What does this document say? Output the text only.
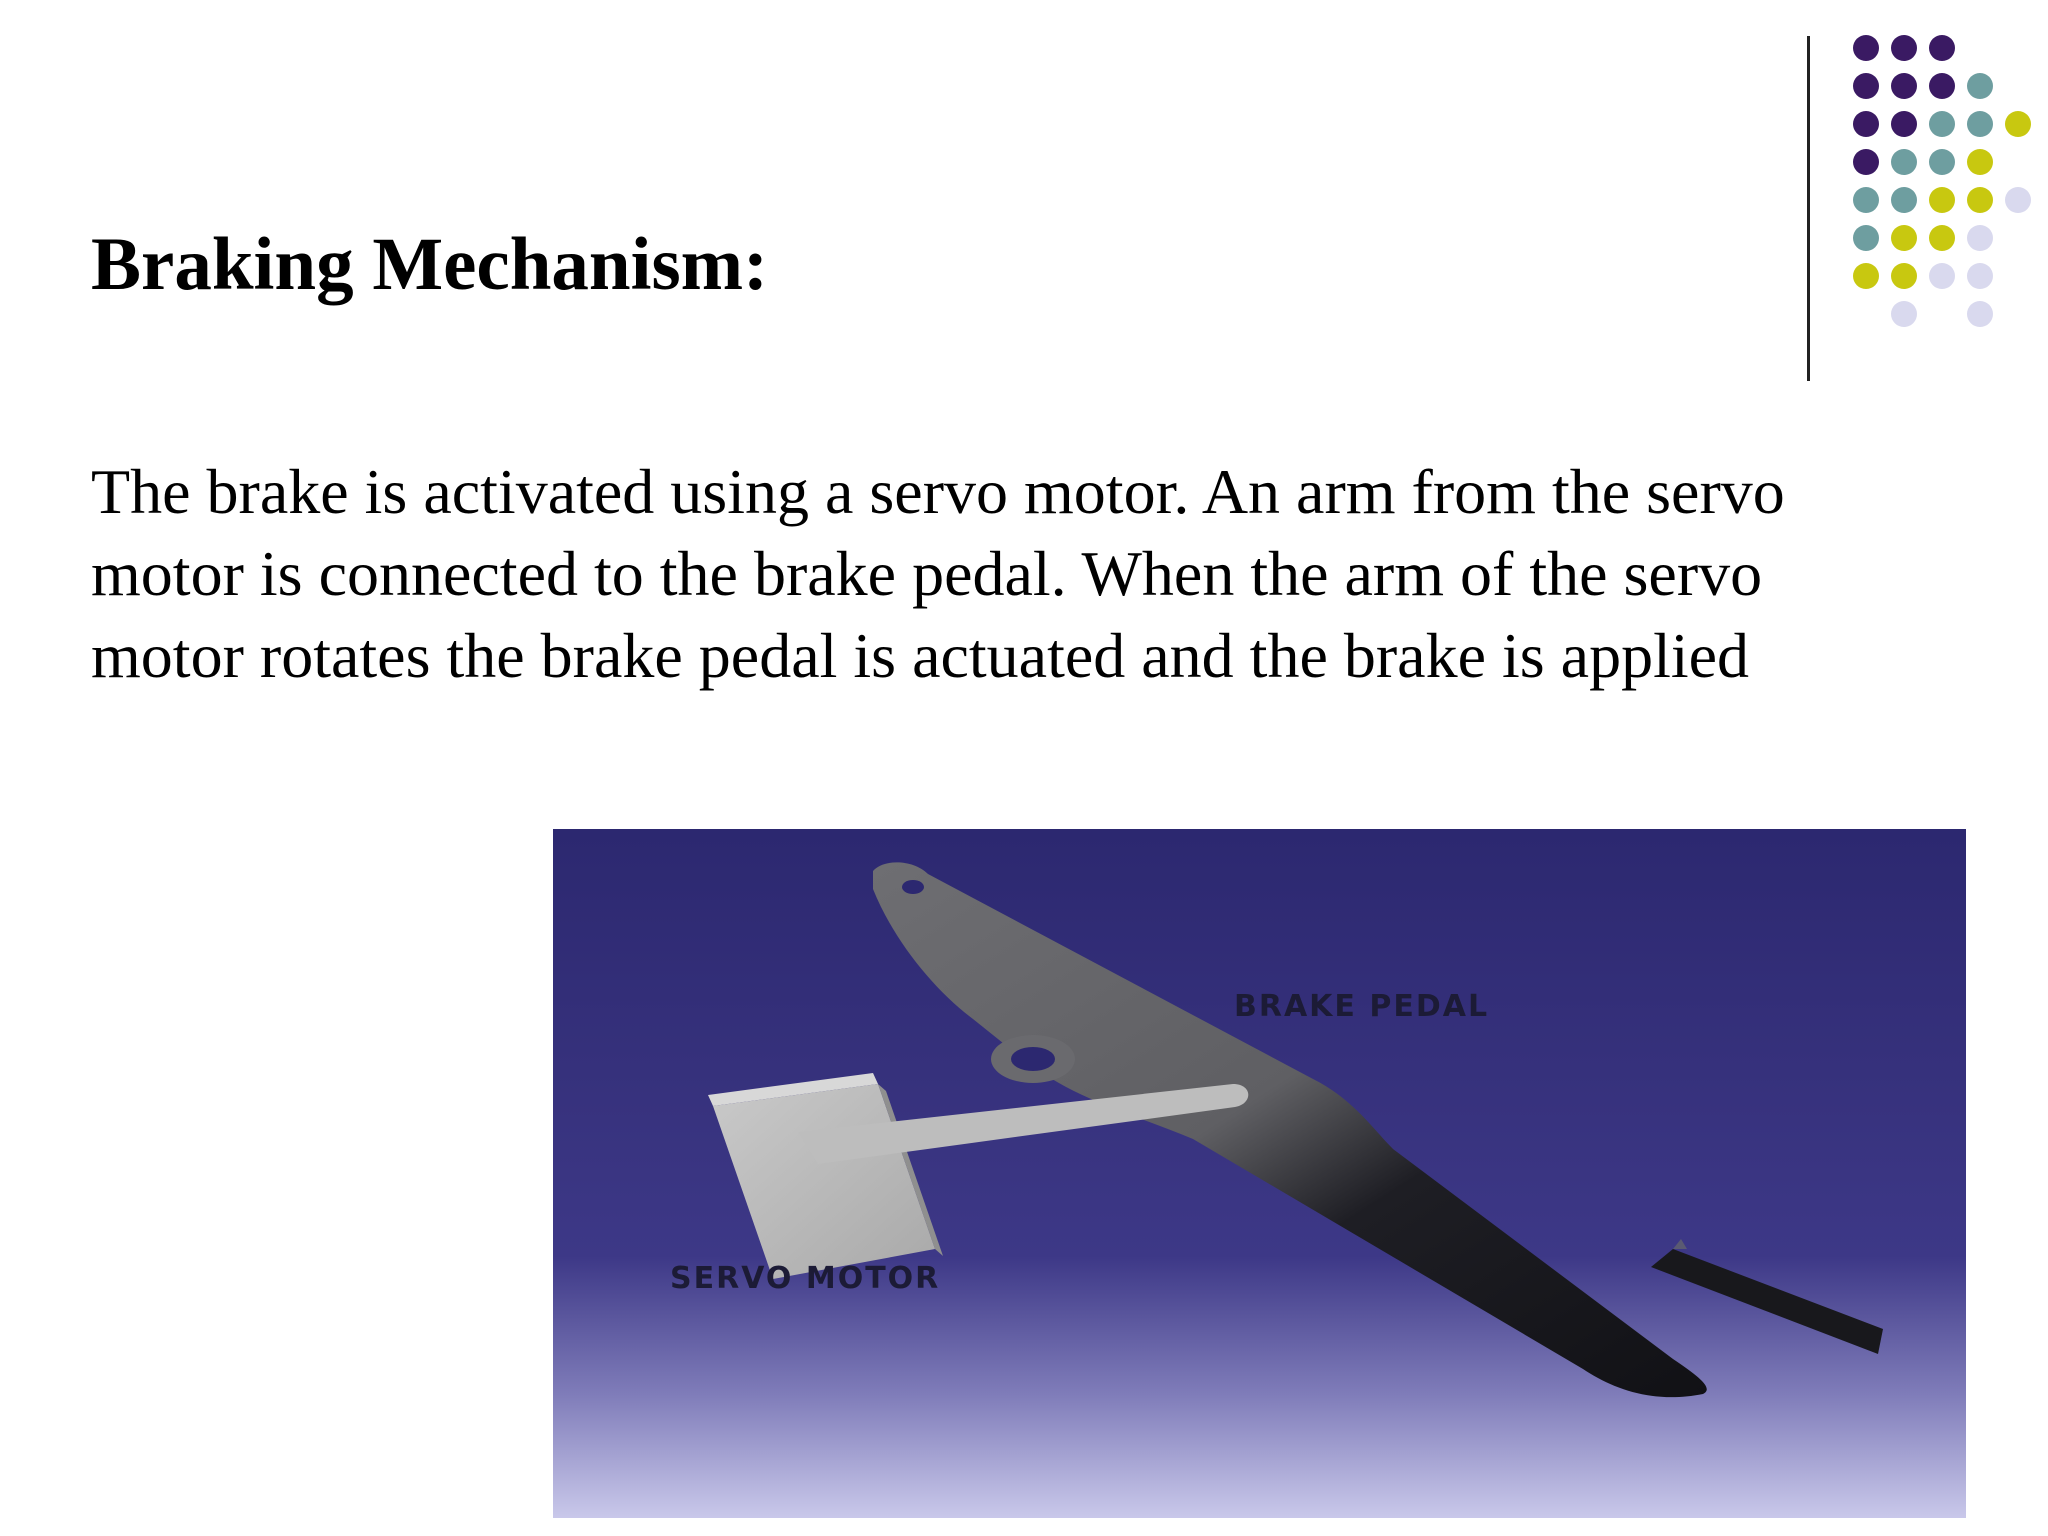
Braking Mechanism:

The brake is activated using a servo motor. An arm from the servo
motor is connected to the brake pedal. When the arm of the servo
motor rotates the brake pedal is actuated and the brake is applied

BRAKE PEDAL
SERVO MOTOR
